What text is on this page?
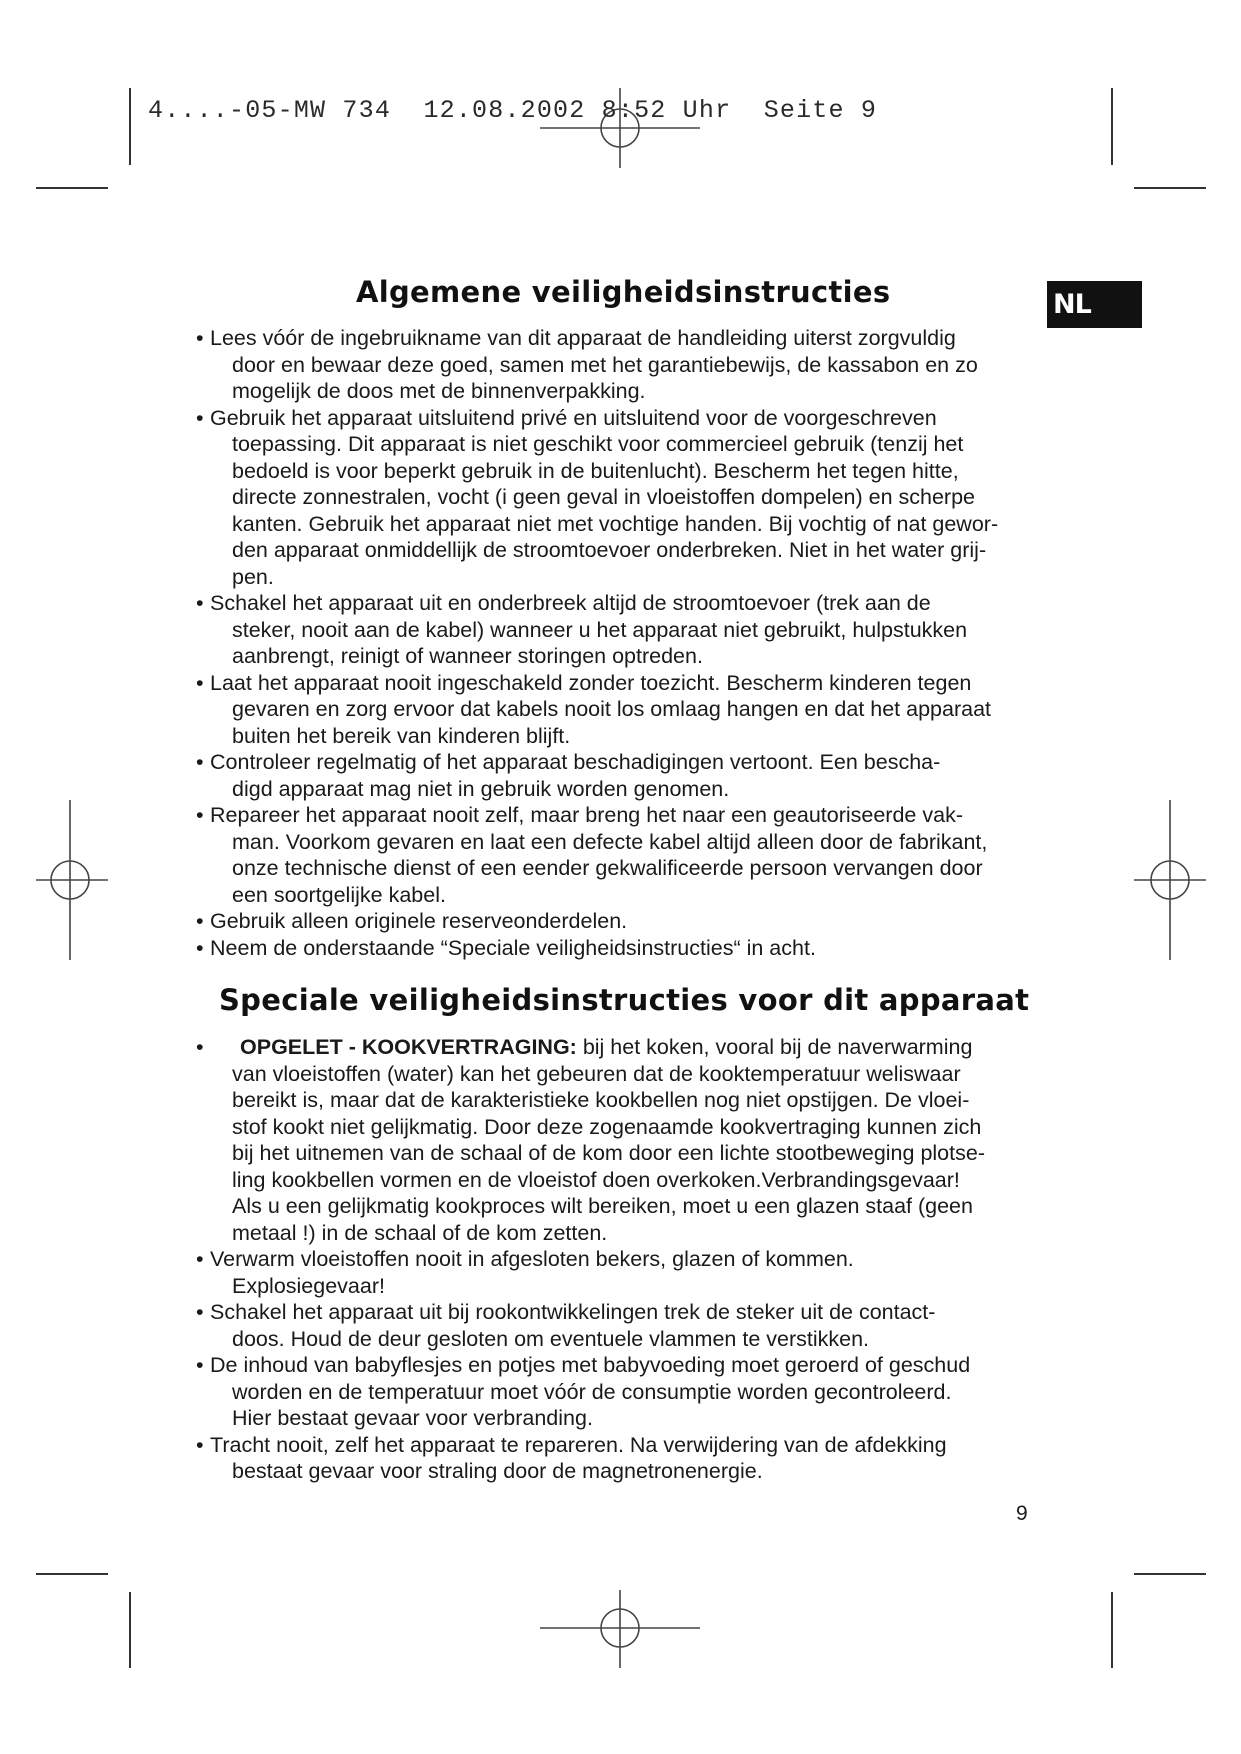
4....-05-MW 734  12.08.2002 8:52 Uhr  Seite 9
NL
Algemene veiligheidsinstructies
• Lees vóór de ingebruikname van dit apparaat de handleiding uiterst zorgvuldig
door en bewaar deze goed, samen met het garantiebewijs, de kassabon en zo
mogelijk de doos met de binnenverpakking.
• Gebruik het apparaat uitsluitend privé en uitsluitend voor de voorgeschreven
toepassing. Dit apparaat is niet geschikt voor commercieel gebruik (tenzij het
bedoeld is voor beperkt gebruik in de buitenlucht). Bescherm het tegen hitte,
directe zonnestralen, vocht (i geen geval in vloeistoffen dompelen) en scherpe
kanten. Gebruik het apparaat niet met vochtige handen. Bij vochtig of nat gewor-
den apparaat onmiddellijk de stroomtoevoer onderbreken. Niet in het water grij-
pen.
• Schakel het apparaat uit en onderbreek altijd de stroomtoevoer (trek aan de
steker, nooit aan de kabel) wanneer u het apparaat niet gebruikt, hulpstukken
aanbrengt, reinigt of wanneer storingen optreden.
• Laat het apparaat nooit ingeschakeld zonder toezicht. Bescherm kinderen tegen
gevaren en zorg ervoor dat kabels nooit los omlaag hangen en dat het apparaat
buiten het bereik van kinderen blijft.
• Controleer regelmatig of het apparaat beschadigingen vertoont. Een bescha-
digd apparaat mag niet in gebruik worden genomen.
• Repareer het apparaat nooit zelf, maar breng het naar een geautoriseerde vak-
man. Voorkom gevaren en laat een defecte kabel altijd alleen door de fabrikant,
onze technische dienst of een eender gekwalificeerde persoon vervangen door
een soortgelijke kabel.
• Gebruik alleen originele reserveonderdelen.
• Neem de onderstaande “Speciale veiligheidsinstructies“ in acht.
Speciale veiligheidsinstructies voor dit apparaat
•	OPGELET - KOOKVERTRAGING: bij het koken, vooral bij de naverwarming
van vloeistoffen (water) kan het gebeuren dat de kooktemperatuur weliswaar
bereikt is, maar dat de karakteristieke kookbellen nog niet opstijgen. De vloei-
stof kookt niet gelijkmatig. Door deze zogenaamde kookvertraging kunnen zich
bij het uitnemen van de schaal of de kom door een lichte stootbeweging plotse-
ling kookbellen vormen en de vloeistof doen overkoken.Verbrandingsgevaar!
Als u een gelijkmatig kookproces wilt bereiken, moet u een glazen staaf (geen
metaal !) in de schaal of de kom zetten.
• Verwarm vloeistoffen nooit in afgesloten bekers, glazen of kommen.
Explosiegevaar!
• Schakel het apparaat uit bij rookontwikkelingen trek de steker uit de contact-
doos. Houd de deur gesloten om eventuele vlammen te verstikken.
• De inhoud van babyflesjes en potjes met babyvoeding moet geroerd of geschud
worden en de temperatuur moet vóór de consumptie worden gecontroleerd.
Hier bestaat gevaar voor verbranding.
• Tracht nooit, zelf het apparaat te repareren. Na verwijdering van de afdekking
bestaat gevaar voor straling door de magnetronenergie.
9
